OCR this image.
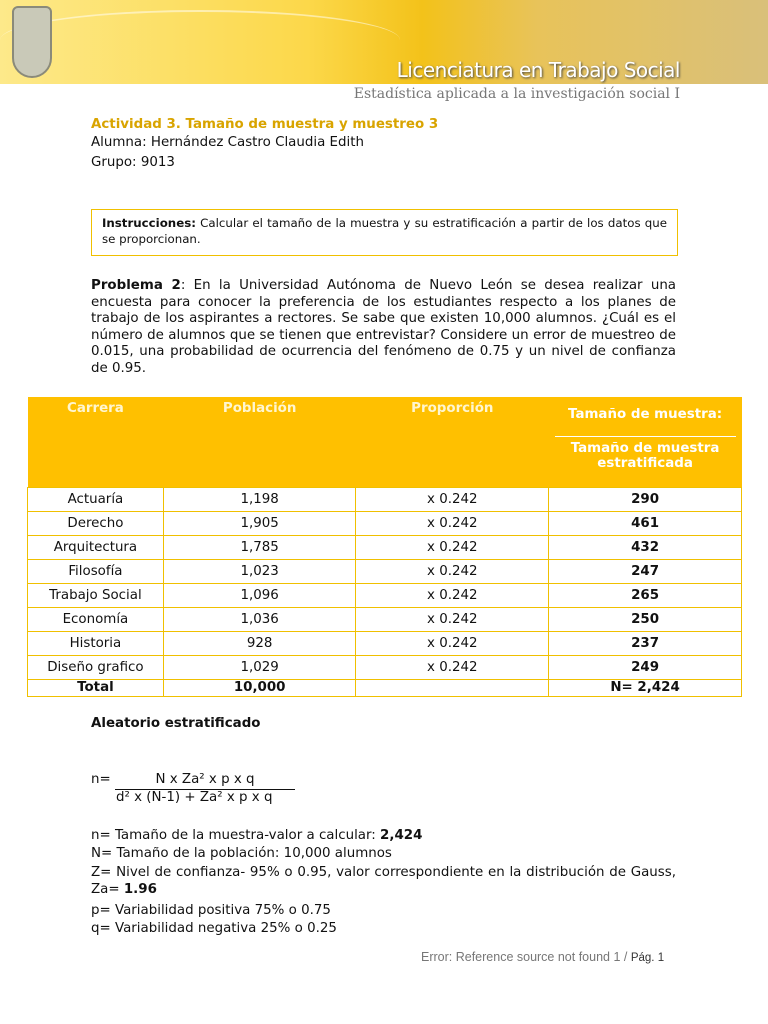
Licenciatura en Trabajo Social
Estadística aplicada a la investigación social I
Actividad 3. Tamaño de muestra y muestreo 3
Alumna: Hernández Castro Claudia Edith
Grupo: 9013
Instrucciones: Calcular el tamaño de la muestra y su estratificación a partir de los datos que se proporcionan.
Problema 2: En la Universidad Autónoma de Nuevo León se desea realizar una encuesta para conocer la preferencia de los estudiantes respecto a los planes de trabajo de los aspirantes a rectores. Se sabe que existen 10,000 alumnos. ¿Cuál es el número de alumnos que se tienen que entrevistar? Considere un error de muestreo de 0.015, una probabilidad de ocurrencia del fenómeno de 0.75 y un nivel de confianza de 0.95.
Carrera	Población	Proporción	Tamaño de muestra:
Tamaño de muestra estratificada

Actuaría	1,198	x 0.242	290
Derecho	1,905	x 0.242	461
Arquitectura	1,785	x 0.242	432
Filosofía	1,023	x 0.242	247
Trabajo Social	1,096	x 0.242	265
Economía	1,036	x 0.242	250
Historia	928	x 0.242	237
Diseño grafico	1,029	x 0.242	249
Total	10,000		N= 2,424
Aleatorio estratificado
n=	N x Za² x p x q
d² x (N-1) + Za² x p x q
n= Tamaño de la muestra-valor a calcular: 2,424
N= Tamaño de la población: 10,000 alumnos
Z= Nivel de confianza- 95% o 0.95, valor correspondiente en la distribución de Gauss, Za= 1.96
p= Variabilidad positiva 75% o 0.75
q= Variabilidad negativa 25% o 0.25
Error: Reference source not found 1 / Pág. 1
